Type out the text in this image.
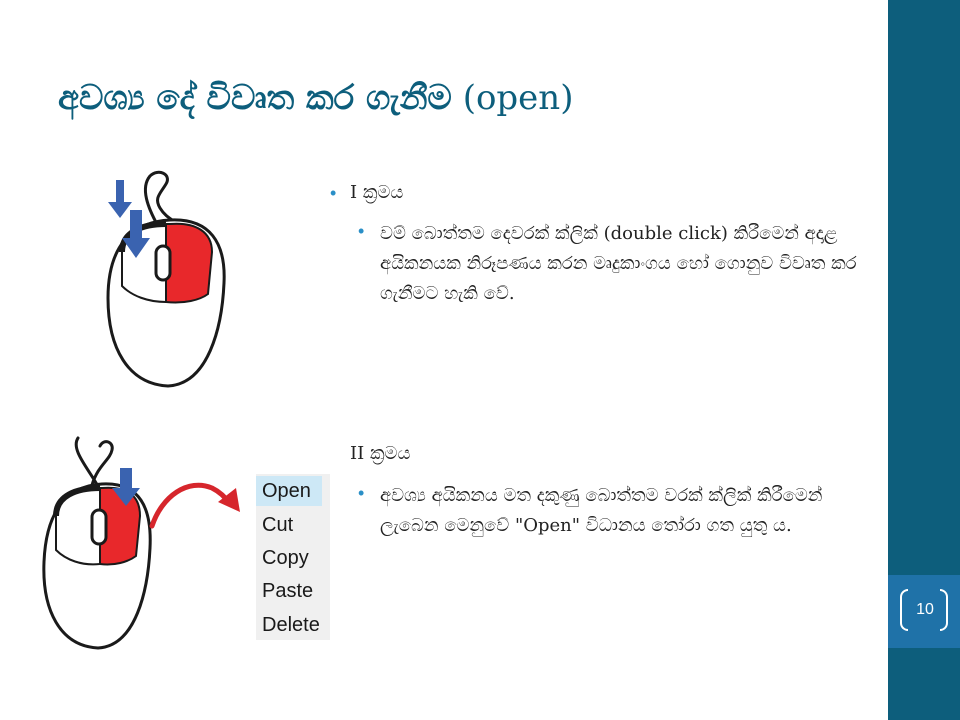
අවශ්‍ය දේ විවෘත කර ගැනීම (open)
• I ක්‍රමය
• වම් බොත්තම දෙවරක් ක්ලික් (double click) කිරීමෙන් අදාළ අයිකනයක නිරූපණය කරන මෘදුකාංගය හෝ ගොනුව විවෘත කර ගැනීමට හැකි වේ.
II ක්‍රමය
• අවශ්‍ය අයිකනය මත දකුණු බොත්තම වරක් ක්ලික් කිරීමෙන් ලැබෙන මෙනුවේ "Open" විධානය තෝරා ගත යුතු ය.
Open
Cut
Copy
Paste
Delete
10
